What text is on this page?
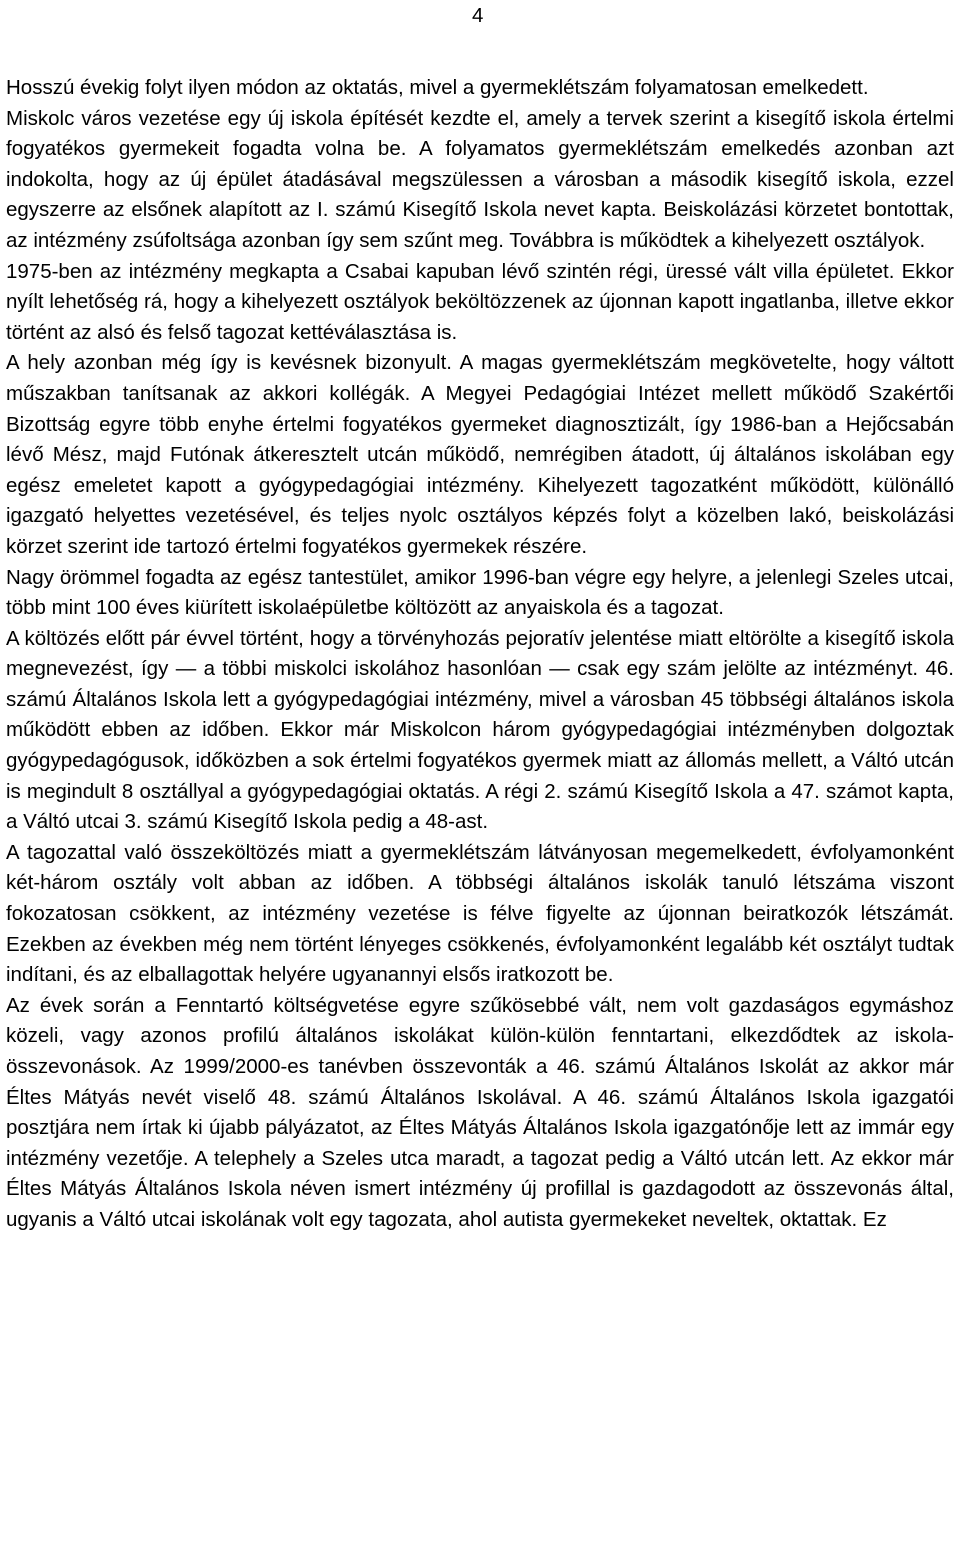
4

Hosszú évekig folyt ilyen módon az oktatás, mivel a gyermeklétszám folyamatosan emelkedett.

Miskolc város vezetése egy új iskola építését kezdte el, amely a tervek szerint a kisegítő iskola értelmi fogyatékos gyermekeit fogadta volna be. A folyamatos gyermeklétszám emelkedés azonban azt indokolta, hogy az új épület átadásával megszülessen a városban a második kisegítő iskola, ezzel egyszerre az elsőnek alapított az I. számú Kisegítő Iskola nevet kapta. Beiskolázási körzetet bontottak, az intézmény zsúfoltsága azonban így sem szűnt meg. Továbbra is működtek a kihelyezett osztályok.

1975-ben az intézmény megkapta a Csabai kapuban lévő szintén régi, üressé vált villa épületet. Ekkor nyílt lehetőség rá, hogy a kihelyezett osztályok beköltözzenek az újonnan kapott ingatlanba, illetve ekkor történt az alsó és felső tagozat kettéválasztása is.

A hely azonban még így is kevésnek bizonyult. A magas gyermeklétszám megkövetelte, hogy váltott műszakban tanítsanak az akkori kollégák. A Megyei Pedagógiai Intézet mellett működő Szakértői Bizottság egyre több enyhe értelmi fogyatékos gyermeket diagnosztizált, így 1986-ban a Hejőcsabán lévő Mész, majd Futónak átkeresztelt utcán működő, nemrégiben átadott, új általános iskolában egy egész emeletet kapott a gyógypedagógiai intézmény. Kihelyezett tagozatként működött, különálló igazgató helyettes vezetésével, és teljes nyolc osztályos képzés folyt a közelben lakó, beiskolázási körzet szerint ide tartozó értelmi fogyatékos gyermekek részére.

Nagy örömmel fogadta az egész tantestület, amikor 1996-ban végre egy helyre, a jelenlegi Szeles utcai, több mint 100 éves kiürített iskolaépületbe költözött az anyaiskola és a tagozat.

A költözés előtt pár évvel történt, hogy a törvényhozás pejoratív jelentése miatt eltörölte a kisegítő iskola megnevezést, így — a többi miskolci iskolához hasonlóan — csak egy szám jelölte az intézményt. 46. számú Általános Iskola lett a gyógypedagógiai intézmény, mivel a városban 45 többségi általános iskola működött ebben az időben. Ekkor már Miskolcon három gyógypedagógiai intézményben dolgoztak gyógypedagógusok, időközben a sok értelmi fogyatékos gyermek miatt az állomás mellett, a Váltó utcán is megindult 8 osztállyal a gyógypedagógiai oktatás. A régi 2. számú Kisegítő Iskola a 47. számot kapta, a Váltó utcai 3. számú Kisegítő Iskola pedig a 48-ast.

A tagozattal való összeköltözés miatt a gyermeklétszám látványosan megemelkedett, évfolyamonként két-három osztály volt abban az időben. A többségi általános iskolák tanuló létszáma viszont fokozatosan csökkent, az intézmény vezetése is félve figyelte az újonnan beiratkozók létszámát. Ezekben az években még nem történt lényeges csökkenés, évfolyamonként legalább két osztályt tudtak indítani, és az elballagottak helyére ugyanannyi elsős iratkozott be.

Az évek során a Fenntartó költségvetése egyre szűkösebbé vált, nem volt gazdaságos egymáshoz közeli, vagy azonos profilú általános iskolákat külön-külön fenntartani, elkezdődtek az iskola-összevonások. Az 1999/2000-es tanévben összevonták a 46. számú Általános Iskolát az akkor már Éltes Mátyás nevét viselő 48. számú Általános Iskolával. A 46. számú Általános Iskola igazgatói posztjára nem írtak ki újabb pályázatot, az Éltes Mátyás Általános Iskola igazgatónője lett az immár egy intézmény vezetője. A telephely a Szeles utca maradt, a tagozat pedig a Váltó utcán lett. Az ekkor már Éltes Mátyás Általános Iskola néven ismert intézmény új profillal is gazdagodott az összevonás által, ugyanis a Váltó utcai iskolának volt egy tagozata, ahol autista gyermekeket neveltek, oktattak. Ez
